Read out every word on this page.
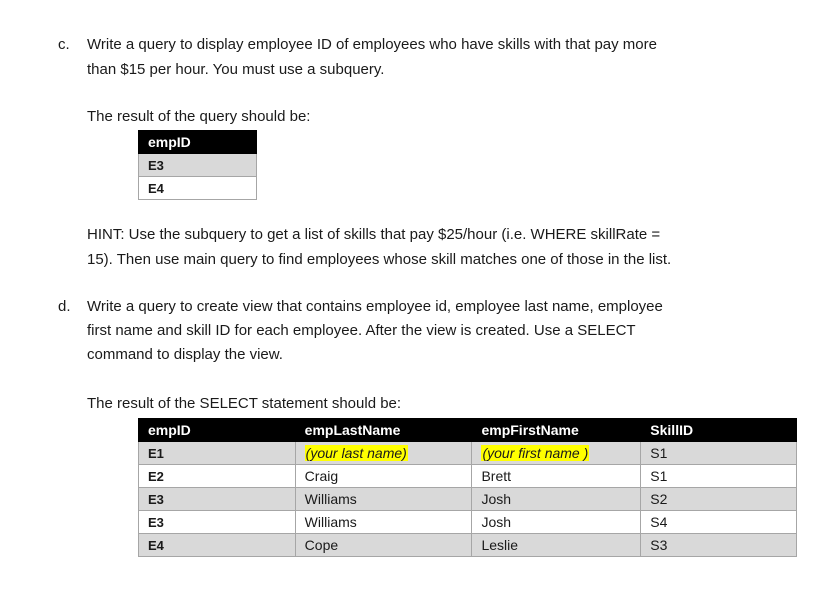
c. Write a query to display employee ID of employees who have skills with that pay more
than $15 per hour. You must use a subquery.
The result of the query should be:
empID
E3
E4
HINT: Use the subquery to get a list of skills that pay $25/hour (i.e. WHERE skillRate =
15). Then use main query to find employees whose skill matches one of those in the list.
d. Write a query to create view that contains employee id, employee last name, employee
first name and skill ID for each employee. After the view is created. Use a SELECT
command to display the view.
The result of the SELECT statement should be:
empID	empLastName	empFirstName	SkillID
E1	(your last name)	(your first name )	S1
E2	Craig	Brett	S1
E3	Williams	Josh	S2
E3	Williams	Josh	S4
E4	Cope	Leslie	S3
